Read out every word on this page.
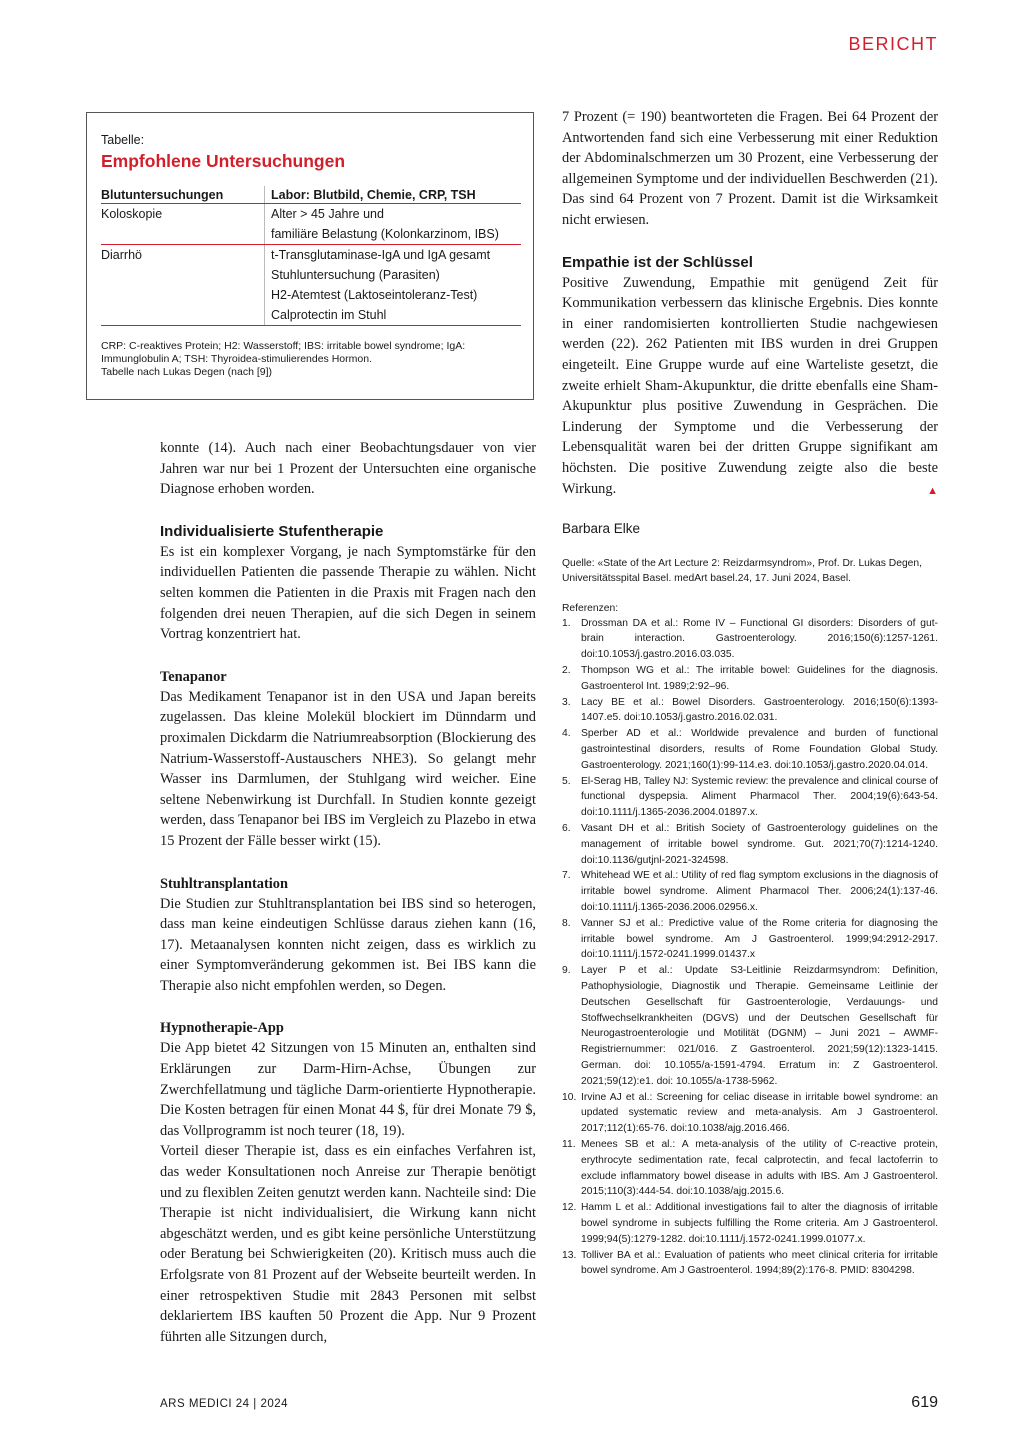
BERICHT
Tabelle:
Empfohlene Untersuchungen
Blutuntersuchungen	Labor: Blutbild, Chemie, CRP, TSH
Koloskopie	Alter > 45 Jahre und
	familiäre Belastung (Kolonkarzinom, IBS)
Diarrhö	t-Transglutaminase-IgA und IgA gesamt
	Stuhluntersuchung (Parasiten)
	H2-Atemtest (Laktoseintoleranz-Test)
	Calprotectin im Stuhl
CRP: C-reaktives Protein; H2: Wasserstoff; IBS: irritable bowel syndrome; IgA: Immunglobulin A; TSH: Thyroidea-stimulierendes Hormon.
Tabelle nach Lukas Degen (nach [9])

konnte (14). Auch nach einer Beobachtungsdauer von vier Jahren war nur bei 1 Prozent der Untersuchten eine organische Diagnose erhoben worden.

Individualisierte Stufentherapie

Es ist ein komplexer Vorgang, je nach Symptomstärke für den individuellen Patienten die passende Therapie zu wählen. Nicht selten kommen die Patienten in die Praxis mit Fragen nach den folgenden drei neuen Therapien, auf die sich Degen in seinem Vortrag konzentriert hat.

Tenapanor

Das Medikament Tenapanor ist in den USA und Japan bereits zugelassen. Das kleine Molekül blockiert im Dünndarm und proximalen Dickdarm die Natriumreabsorption (Blockierung des Natrium-Wasserstoff-Austauschers NHE3). So gelangt mehr Wasser ins Darmlumen, der Stuhlgang wird weicher. Eine seltene Nebenwirkung ist Durchfall. In Studien konnte gezeigt werden, dass Tenapanor bei IBS im Vergleich zu Plazebo in etwa 15 Prozent der Fälle besser wirkt (15).

Stuhltransplantation

Die Studien zur Stuhltransplantation bei IBS sind so heterogen, dass man keine eindeutigen Schlüsse daraus ziehen kann (16, 17). Metaanalysen konnten nicht zeigen, dass es wirklich zu einer Symptomveränderung gekommen ist. Bei IBS kann die Therapie also nicht empfohlen werden, so Degen.

Hypnotherapie-App

Die App bietet 42 Sitzungen von 15 Minuten an, enthalten sind Erklärungen zur Darm-Hirn-Achse, Übungen zur Zwerchfellatmung und tägliche Darm-orientierte Hypnotherapie. Die Kosten betragen für einen Monat 44 $, für drei Monate 79 $, das Vollprogramm ist noch teurer (18, 19).

Vorteil dieser Therapie ist, dass es ein einfaches Verfahren ist, das weder Konsultationen noch Anreise zur Therapie benötigt und zu flexiblen Zeiten genutzt werden kann. Nachteile sind: Die Therapie ist nicht individualisiert, die Wirkung kann nicht abgeschätzt werden, und es gibt keine persönliche Unterstützung oder Beratung bei Schwierigkeiten (20). Kritisch muss auch die Erfolgsrate von 81 Prozent auf der Webseite beurteilt werden. In einer retrospektiven Studie mit 2843 Personen mit selbst deklariertem IBS kauften 50 Prozent die App. Nur 9 Prozent führten alle Sitzungen durch,

7 Prozent (= 190) beantworteten die Fragen. Bei 64 Prozent der Antwortenden fand sich eine Verbesserung mit einer Reduktion der Abdominalschmerzen um 30 Prozent, eine Verbesserung der allgemeinen Symptome und der individuellen Beschwerden (21). Das sind 64 Prozent von 7 Prozent. Damit ist die Wirksamkeit nicht erwiesen.

Empathie ist der Schlüssel

Positive Zuwendung, Empathie mit genügend Zeit für Kommunikation verbessern das klinische Ergebnis. Dies konnte in einer randomisierten kontrollierten Studie nachgewiesen werden (22). 262 Patienten mit IBS wurden in drei Gruppen eingeteilt. Eine Gruppe wurde auf eine Warteliste gesetzt, die zweite erhielt Sham-Akupunktur, die dritte ebenfalls eine Sham-Akupunktur plus positive Zuwendung in Gesprächen. Die Linderung der Symptome und die Verbesserung der Lebensqualität waren bei der dritten Gruppe signifikant am höchsten. Die positive Zuwendung zeigte also die beste Wirkung.	▲

Barbara Elke

Quelle: «State of the Art Lecture 2: Reizdarmsyndrom», Prof. Dr. Lukas Degen, Universitätsspital Basel. medArt basel.24, 17. Juni 2024, Basel.

Referenzen:

1. Drossman DA et al.: Rome IV – Functional GI disorders: Disorders of gut-brain interaction. Gastroenterology. 2016;150(6):1257-1261. doi:10.1053/j.gastro.2016.03.035.
2. Thompson WG et al.: The irritable bowel: Guidelines for the diagnosis. Gastroenterol Int. 1989;2:92–96.
3. Lacy BE et al.: Bowel Disorders. Gastroenterology. 2016;150(6):1393-1407.e5. doi:10.1053/j.gastro.2016.02.031.
4. Sperber AD et al.: Worldwide prevalence and burden of functional gastrointestinal disorders, results of Rome Foundation Global Study. Gastroenterology. 2021;160(1):99-114.e3. doi:10.1053/j.gastro.2020.04.014.
5. El-Serag HB, Talley NJ: Systemic review: the prevalence and clinical course of functional dyspepsia. Aliment Pharmacol Ther. 2004;19(6):643-54. doi:10.1111/j.1365-2036.2004.01897.x.
6. Vasant DH et al.: British Society of Gastroenterology guidelines on the management of irritable bowel syndrome. Gut. 2021;70(7):1214-1240. doi:10.1136/gutjnl-2021-324598.
7. Whitehead WE et al.: Utility of red flag symptom exclusions in the diagnosis of irritable bowel syndrome. Aliment Pharmacol Ther. 2006;24(1):137-46. doi:10.1111/j.1365-2036.2006.02956.x.
8. Vanner SJ et al.: Predictive value of the Rome criteria for diagnosing the irritable bowel syndrome. Am J Gastroenterol. 1999;94:2912-2917. doi:10.1111/j.1572-0241.1999.01437.x
9. Layer P et al.: Update S3-Leitlinie Reizdarmsyndrom: Definition, Pathophysiologie, Diagnostik und Therapie. Gemeinsame Leitlinie der Deutschen Gesellschaft für Gastroenterologie, Verdauungs- und Stoffwechselkrankheiten (DGVS) und der Deutschen Gesellschaft für Neurogastroenterologie und Motilität (DGNM) – Juni 2021 – AWMF-Registriernummer: 021/016. Z Gastroenterol. 2021;59(12):1323-1415. German. doi: 10.1055/a-1591-4794. Erratum in: Z Gastroenterol. 2021;59(12):e1. doi: 10.1055/a-1738-5962.
10. Irvine AJ et al.: Screening for celiac disease in irritable bowel syndrome: an updated systematic review and meta-analysis. Am J Gastroenterol. 2017;112(1):65-76. doi:10.1038/ajg.2016.466.
11. Menees SB et al.: A meta-analysis of the utility of C-reactive protein, erythrocyte sedimentation rate, fecal calprotectin, and fecal lactoferrin to exclude inflammatory bowel disease in adults with IBS. Am J Gastroenterol. 2015;110(3):444-54. doi:10.1038/ajg.2015.6.
12. Hamm L et al.: Additional investigations fail to alter the diagnosis of irritable bowel syndrome in subjects fulfilling the Rome criteria. Am J Gastroenterol. 1999;94(5):1279-1282. doi:10.1111/j.1572-0241.1999.01077.x.
13. Tolliver BA et al.: Evaluation of patients who meet clinical criteria for irritable bowel syndrome. Am J Gastroenterol. 1994;89(2):176-8. PMID: 8304298.
ARS MEDICI 24 | 2024	619
